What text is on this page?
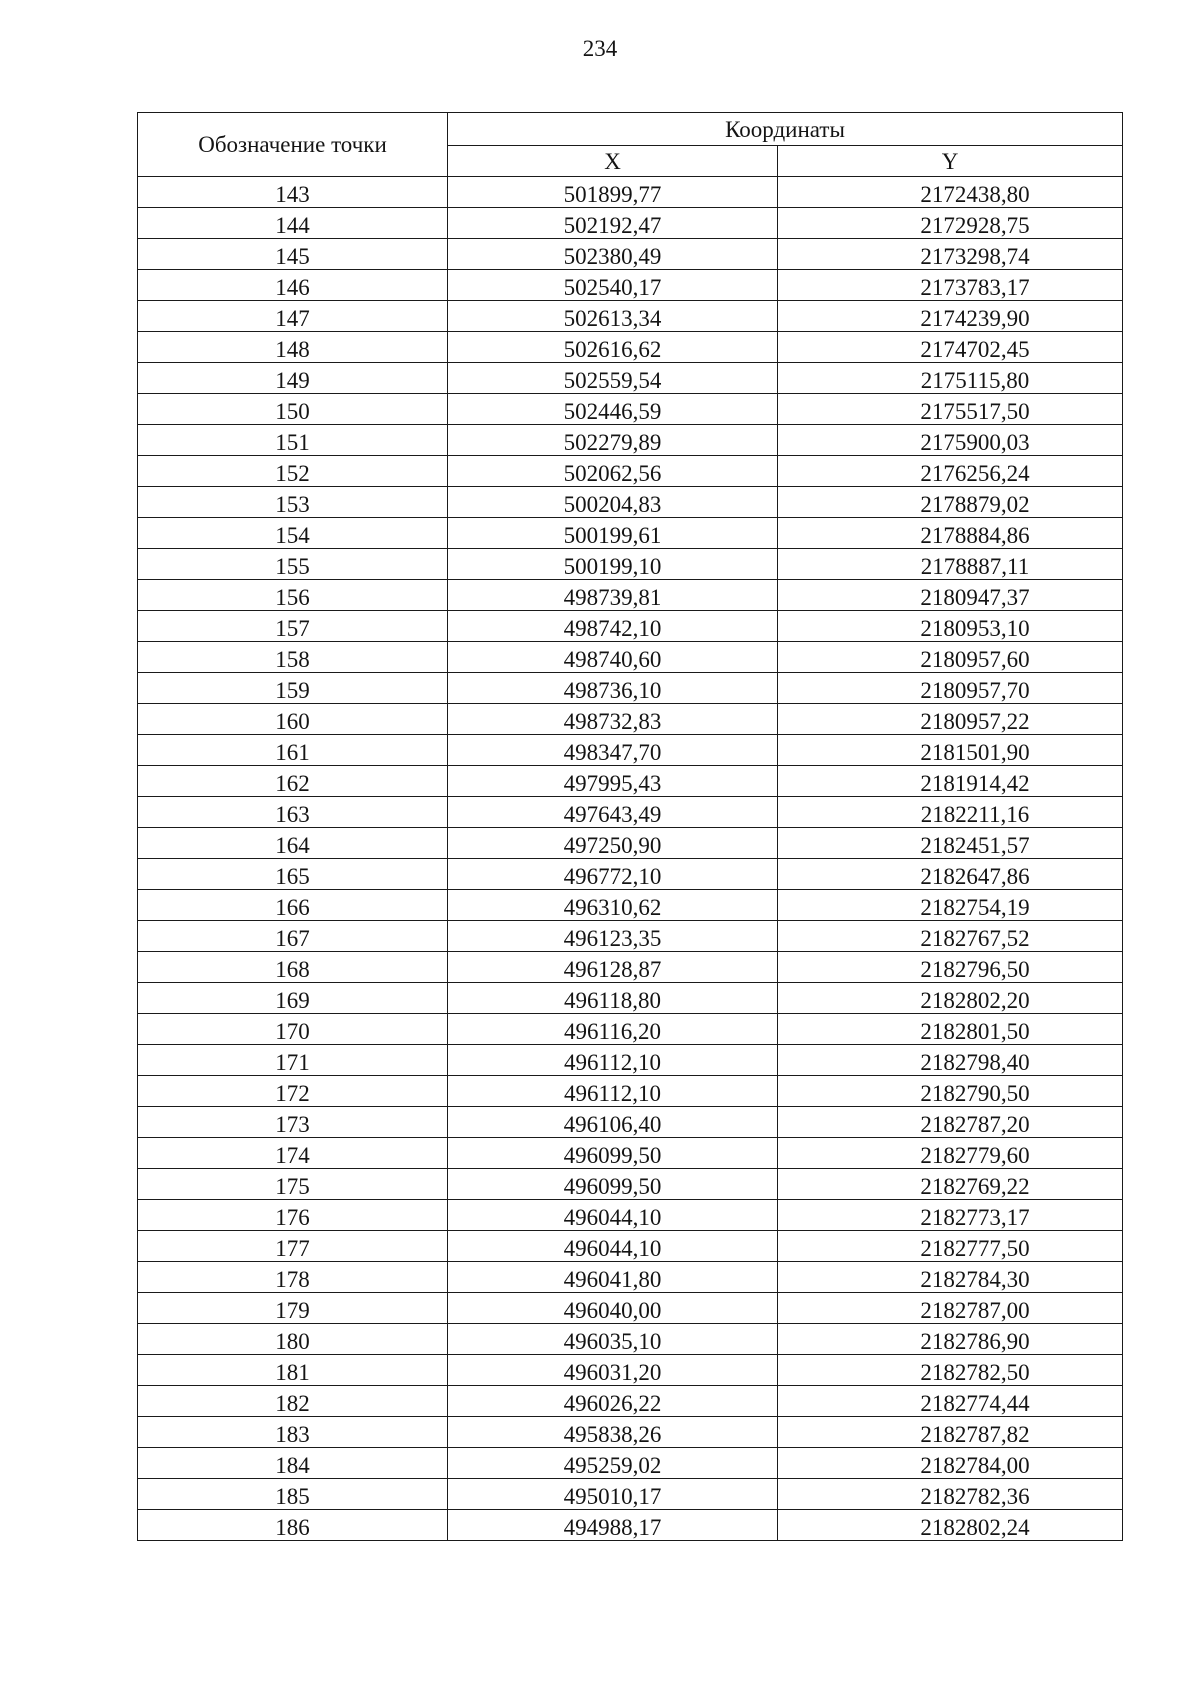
234
Обозначение точки	Координаты	
	X	Y
143	501899,77	2172438,80
144	502192,47	2172928,75
145	502380,49	2173298,74
146	502540,17	2173783,17
147	502613,34	2174239,90
148	502616,62	2174702,45
149	502559,54	2175115,80
150	502446,59	2175517,50
151	502279,89	2175900,03
152	502062,56	2176256,24
153	500204,83	2178879,02
154	500199,61	2178884,86
155	500199,10	2178887,11
156	498739,81	2180947,37
157	498742,10	2180953,10
158	498740,60	2180957,60
159	498736,10	2180957,70
160	498732,83	2180957,22
161	498347,70	2181501,90
162	497995,43	2181914,42
163	497643,49	2182211,16
164	497250,90	2182451,57
165	496772,10	2182647,86
166	496310,62	2182754,19
167	496123,35	2182767,52
168	496128,87	2182796,50
169	496118,80	2182802,20
170	496116,20	2182801,50
171	496112,10	2182798,40
172	496112,10	2182790,50
173	496106,40	2182787,20
174	496099,50	2182779,60
175	496099,50	2182769,22
176	496044,10	2182773,17
177	496044,10	2182777,50
178	496041,80	2182784,30
179	496040,00	2182787,00
180	496035,10	2182786,90
181	496031,20	2182782,50
182	496026,22	2182774,44
183	495838,26	2182787,82
184	495259,02	2182784,00
185	495010,17	2182782,36
186	494988,17	2182802,24
